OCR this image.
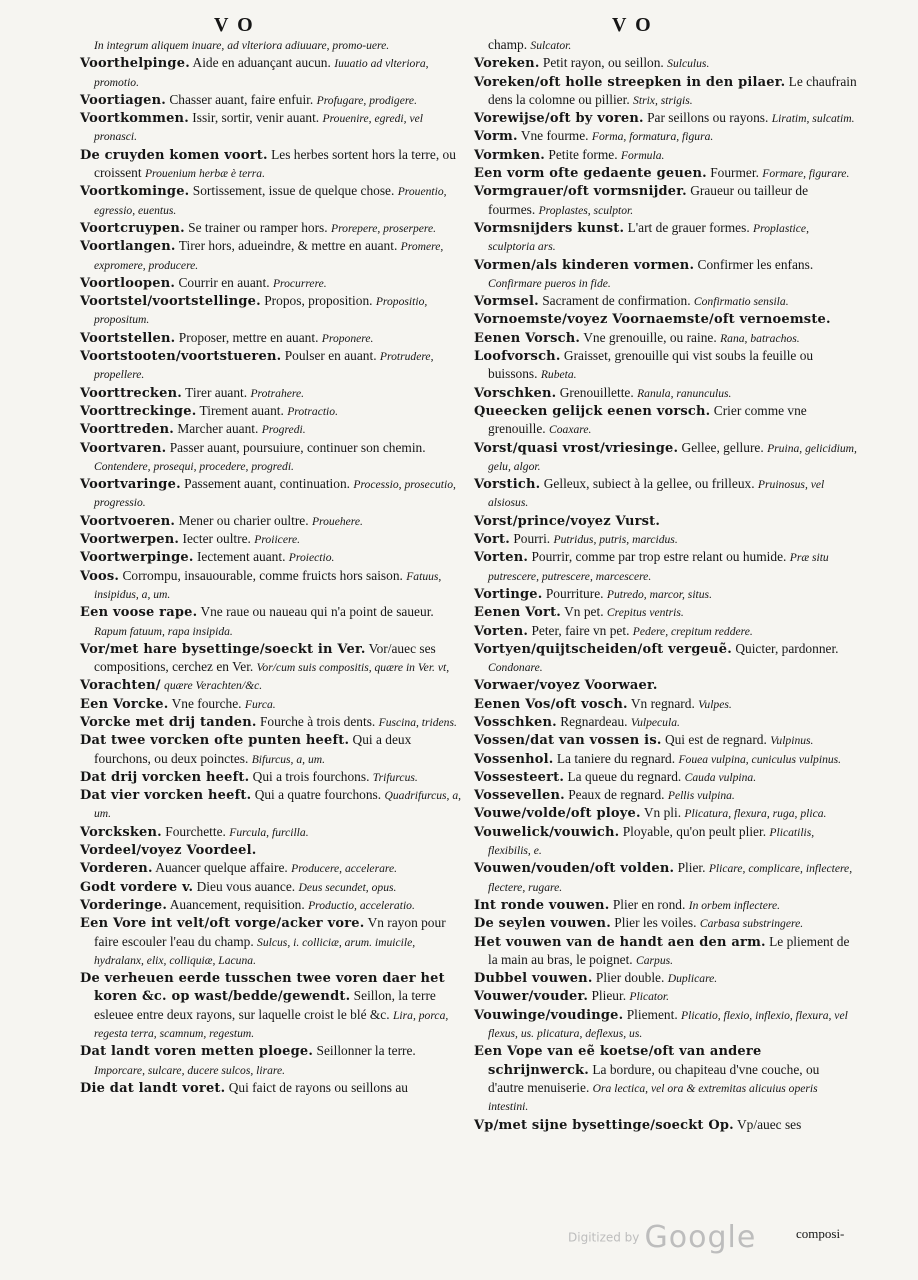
V O	V O

In integrum aliquem inuare, ad vlteriora adiuuare, promo-uere.

Voorthelpinge. Aide en aduançant aucun. Iuuatio ad vlteriora, promotio.

Voortiagen. Chasser auant, faire enfuir. Profugare, prodigere.

Voortkommen. Issir, sortir, venir auant. Prouenire, egredi, vel pronasci.

De cruyden komen voort. Les herbes sortent hors la terre, ou croissent Prouenium herbæ è terra.

Voortkominge. Sortissement, issue de quelque chose. Prouentio, egressio, euentus.

Voortcruypen. Se trainer ou ramper hors. Prorepere, proserpere.

Voortlangen. Tirer hors, adueindre, & mettre en auant. Promere, expromere, producere.

Voortloopen. Courrir en auant. Procurrere.

Voortstel/voortstellinge. Propos, proposition. Propositio, propositum.

Voortstellen. Proposer, mettre en auant. Proponere.

Voortstooten/voortstueren. Poulser en auant. Protrudere, propellere.

Voorttrecken. Tirer auant. Protrahere.

Voorttreckinge. Tirement auant. Protractio.

Voorttreden. Marcher auant. Progredi.

Voortvaren. Passer auant, poursuiure, continuer son chemin. Contendere, prosequi, procedere, progredi.

Voortvaringe. Passement auant, continuation. Processio, prosecutio, progressio.

Voortvoeren. Mener ou charier oultre. Prouehere.

Voortwerpen. Iecter oultre. Proiicere.

Voortwerpinge. Iectement auant. Proiectio.

Voos. Corrompu, insauourable, comme fruicts hors saison. Fatuus, insipidus, a, um.

Een voose rape. Vne raue ou naueau qui n'a point de saueur. Rapum fatuum, rapa insipida.

Vor/met hare bysettinge/soeckt in Ver. Vor/auec ses compositions, cerchez en Ver. Vor/cum suis compositis, quære in Ver. vt,

Vorachten/ quære Verachten/&c.

Een Vorcke. Vne fourche. Furca.

Vorcke met drij tanden. Fourche à trois dents. Fuscina, tridens.

Dat twee vorcken ofte punten heeft. Qui a deux fourchons, ou deux poinctes. Bifurcus, a, um.

Dat drij vorcken heeft. Qui a trois fourchons. Trifurcus.

Dat vier vorcken heeft. Qui a quatre fourchons. Quadrifurcus, a, um.

Vorcksken. Fourchette. Furcula, furcilla.

Vordeel/voyez Voordeel.

Vorderen. Auancer quelque affaire. Producere, accelerare.

Godt vordere v. Dieu vous auance. Deus secundet, opus.

Vorderinge. Auancement, requisition. Productio, acceleratio.

Een Vore int velt/oft vorge/acker vore. Vn rayon pour faire escouler l'eau du champ. Sulcus, i. colliciæ, arum. imuicile, hydralanx, elix, colliquiæ, Lacuna.

De verheuen eerde tusschen twee voren daer het koren &c. op wast/bedde/gewendt. Seillon, la terre esleuee entre deux rayons, sur laquelle croist le blé &c. Lira, porca, regesta terra, scamnum, regestum.

Dat landt voren metten ploege. Seillonner la terre. Imporcare, sulcare, ducere sulcos, lirare.

Die dat landt voret. Qui faict de rayons ou seillons au

champ. Sulcator.

Voreken. Petit rayon, ou seillon. Sulculus.

Voreken/oft holle streepken in den pilaer. Le chaufrain dens la colomne ou pillier. Strix, strigis.

Vorewijse/oft by voren. Par seillons ou rayons. Liratim, sulcatim.

Vorm. Vne fourme. Forma, formatura, figura.

Vormken. Petite forme. Formula.

Een vorm ofte gedaente geuen. Fourmer. Formare, figurare.

Vormgrauer/oft vormsnijder. Graueur ou tailleur de fourmes. Proplastes, sculptor.

Vormsnijders kunst. L'art de grauer formes. Proplastice, sculptoria ars.

Vormen/als kinderen vormen. Confirmer les enfans. Confirmare pueros in fide.

Vormsel. Sacrament de confirmation. Confirmatio sensila.

Vornoemste/voyez Voornaemste/oft vernoemste.

Eenen Vorsch. Vne grenouille, ou raine. Rana, batrachos.

Loofvorsch. Graisset, grenouille qui vist soubs la feuille ou buissons. Rubeta.

Vorschken. Grenouillette. Ranula, ranunculus.

Queecken gelijck eenen vorsch. Crier comme vne grenouille. Coaxare.

Vorst/quasi vrost/vriesinge. Gellee, gellure. Pruina, gelicidium, gelu, algor.

Vorstich. Gelleux, subiect à la gellee, ou frilleux. Pruinosus, vel alsiosus.

Vorst/prince/voyez Vurst.

Vort. Pourri. Putridus, putris, marcidus.

Vorten. Pourrir, comme par trop estre relant ou humide. Præ situ putrescere, putrescere, marcescere.

Vortinge. Pourriture. Putredo, marcor, situs.

Eenen Vort. Vn pet. Crepitus ventris.

Vorten. Peter, faire vn pet. Pedere, crepitum reddere.

Vortyen/quijtscheiden/oft vergeuẽ. Quicter, pardonner. Condonare.

Vorwaer/voyez Voorwaer.

Eenen Vos/oft vosch. Vn regnard. Vulpes.

Vosschken. Regnardeau. Vulpecula.

Vossen/dat van vossen is. Qui est de regnard. Vulpinus.

Vossenhol. La taniere du regnard. Fouea vulpina, cuniculus vulpinus.

Vossesteert. La queue du regnard. Cauda vulpina.

Vossevellen. Peaux de regnard. Pellis vulpina.

Vouwe/volde/oft ploye. Vn pli. Plicatura, flexura, ruga, plica.

Vouwelick/vouwich. Ployable, qu'on peult plier. Plicatilis, flexibilis, e.

Vouwen/vouden/oft volden. Plier. Plicare, complicare, inflectere, flectere, rugare.

Int ronde vouwen. Plier en rond. In orbem inflectere.

De seylen vouwen. Plier les voiles. Carbasa substringere.

Het vouwen van de handt aen den arm. Le pliement de la main au bras, le poignet. Carpus.

Dubbel vouwen. Plier double. Duplicare.

Vouwer/vouder. Plieur. Plicator.

Vouwinge/voudinge. Pliement. Plicatio, flexio, inflexio, flexura, vel flexus, us. plicatura, deflexus, us.

Een Vope van eẽ koetse/oft van andere schrijnwerck. La bordure, ou chapiteau d'vne couche, ou d'autre menuiserie. Ora lectica, vel ora & extremitas alicuius operis intestini.

Vp/met sijne bysettinge/soeckt Op. Vp/auec ses

composi-
Digitized by Google
